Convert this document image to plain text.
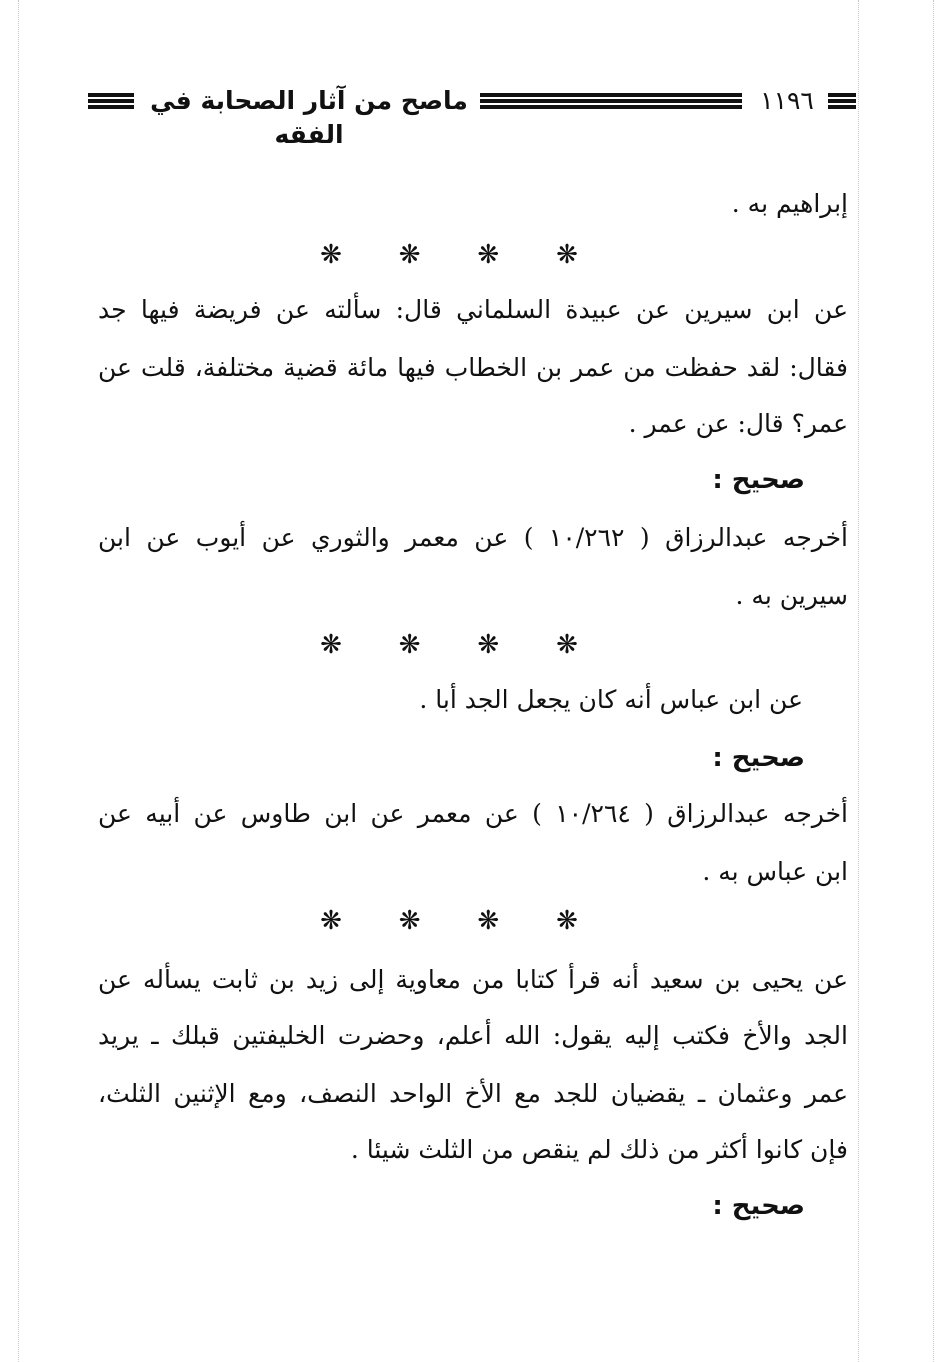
ماصح من آثار الصحابة في الفقه
١١٩٦
إبراهيم به .
❋ ❋ ❋ ❋
عن ابن سيرين عن عبيدة السلماني قال: سألته عن فريضة فيها جد
فقال: لقد حفظت من عمر بن الخطاب فيها مائة قضية مختلفة، قلت عن
عمر؟ قال: عن عمر .
صحيح :
أخرجه عبدالرزاق ( ١٠/٢٦٢ ) عن معمر والثوري عن أيوب عن ابن
سيرين به .
❋ ❋ ❋ ❋
عن ابن عباس أنه كان يجعل الجد أبا .
صحيح :
أخرجه عبدالرزاق ( ١٠/٢٦٤ ) عن معمر عن ابن طاوس عن أبيه عن
ابن عباس به .
❋ ❋ ❋ ❋
عن يحيى بن سعيد أنه قرأ كتابا من معاوية إلى زيد بن ثابت يسأله عن
الجد والأخ فكتب إليه يقول: الله أعلم، وحضرت الخليفتين قبلك ـ يريد
عمر وعثمان ـ يقضيان للجد مع الأخ الواحد النصف، ومع الإثنين الثلث،
فإن كانوا أكثر من ذلك لم ينقص من الثلث شيئا .
صحيح :
